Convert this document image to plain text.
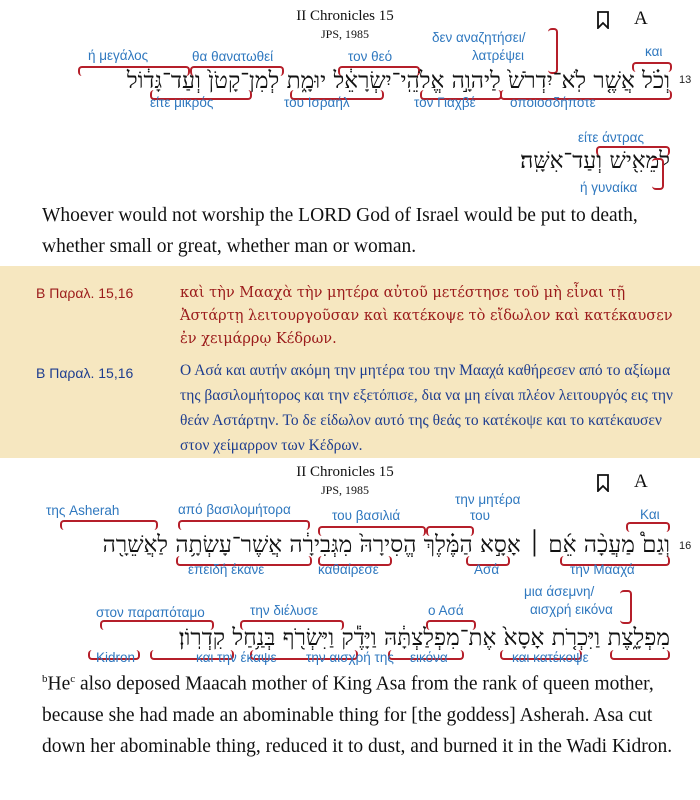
II Chronicles 15
JPS, 1985
A
και
δεν αναζητήσει/
λατρέψει
τον θεό
θα θανατωθεί
ή μεγάλος
וְכֹ֗ל אֲשֶׁ֤ר לֹֽא־יִדְרֹשׁ֙ לַיהוָ֣ה אֱלֹהֵֽי־יִשְׂרָאֵ֔ל יוּמָ֑ת לְמִן־קָטֹן֙ וְעַד־גָּד֔וֹל 13
οποιοσδήποτε
τον Γιαχβέ
του Ισραήλ
είτε μικρός
είτε άντρας
לְמֵאִ֖ישׁ וְעַד־אִשָּֽׁה׃
ή γυναίκα
Whoever would not worship the LORD God of Israel would be put to death, whether small or great, whether man or woman.
Β Παραλ. 15,16	καὶ τὴν Μααχὰ τὴν μητέρα αὐτοῦ μετέστησε τοῦ μὴ εἶναι τῇ Ἀστάρτῃ λειτουργοῦσαν καὶ κατέκοψε τὸ εἴδωλον καὶ κατέκαυσεν ἐν χειμάρρῳ Κέδρων.
Β Παραλ. 15,16	Ο Ασά και αυτήν ακόμη την μητέρα του την Μααχά καθήρεσεν από το αξίωμα της βασιλομήτορος και την εξετόπισε, δια να μη είναι πλέον λειτουργός εις την θεάν Αστάρτην. Το δε είδωλον αυτό της θεάς το κατέκοψε και το κατέκαυσεν στον χείμαρρον των Κέδρων.
II Chronicles 15
JPS, 1985	A
Και
την μητέρα
του
του βασιλιά
από βασιλομήτορα
της Asherah
וְגַם֩ מַעֲכָ֨ה אֵ֜ם ׀ אָסָ֣א הַמֶּ֗לֶךְ הֱסִירָהּ֙ מִגְּבִירָ֔ה אֲשֶׁר־עָשְׂתָ֥ה לַאֲשֵׁרָ֖ה 16
την Μααχά
Ασά
καθαίρεσε
επειδή έκανε
μια άσεμνη/
αισχρή εικόνα
ο Ασά
την διέλυσε
στον παραπόταμο
מִפְלָ֑צֶת וַיִּכְרֹ֤ת אָסָא֙ אֶת־מִפְלַצְתָּ֔הּ וַיָּדֶ֕ק וַיִּשְׂרֹ֖ף בְּנַ֥חַל קִדְרֽוֹן׃
και κατέκοψε
την αισχρή της εικόνα
και την έκαψε
Kidron
$^b$He$^c$ also deposed Maacah mother of King Asa from the rank of queen mother, because she had made an abominable thing for [the goddess] Asherah. Asa cut down her abominable thing, reduced it to dust, and burned it in the Wadi Kidron.
